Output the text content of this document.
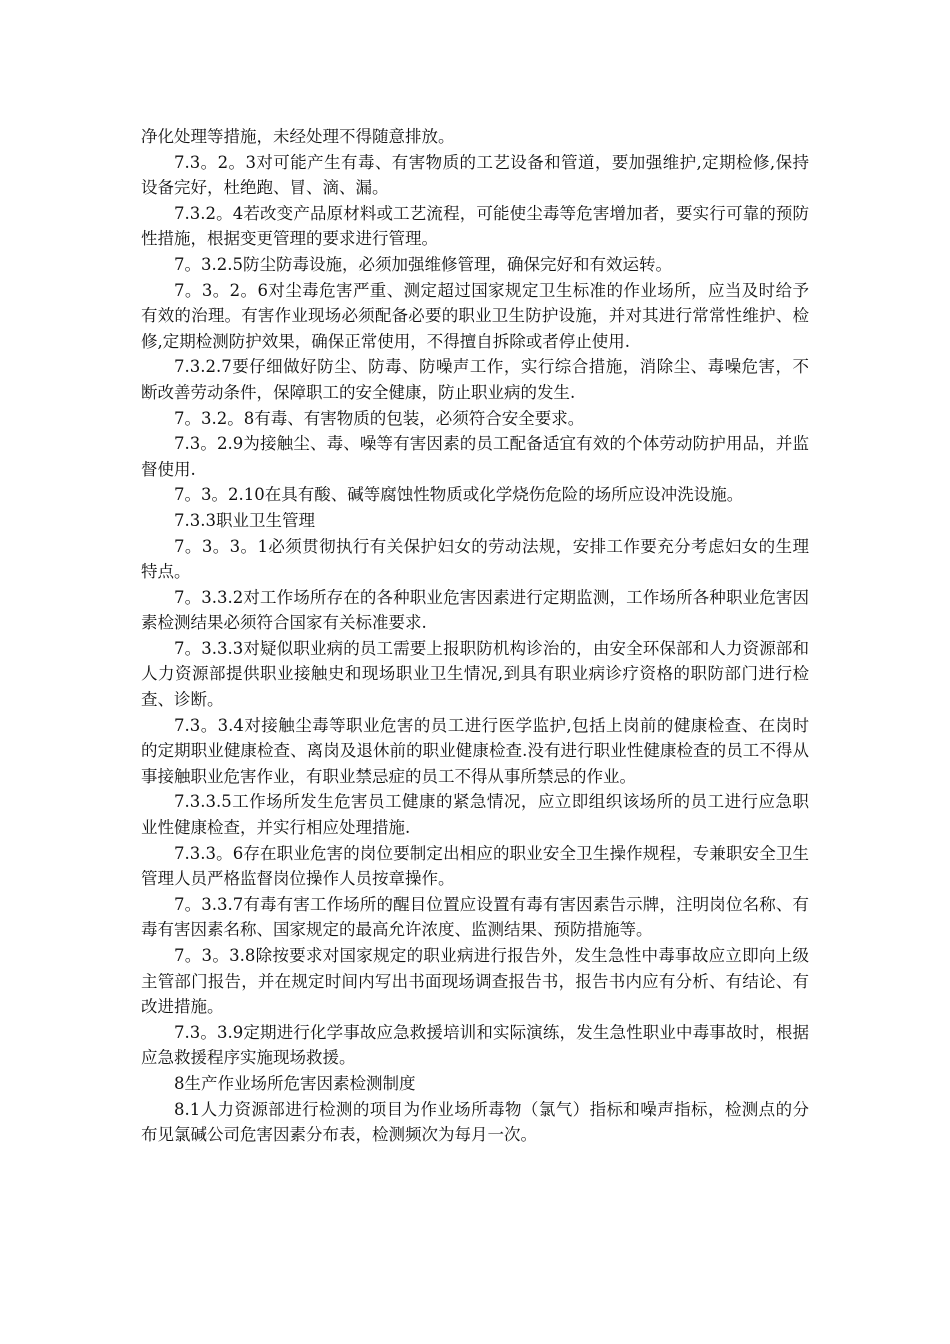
净化处理等措施，未经处理不得随意排放。

7.3。2。3对可能产生有毒、有害物质的工艺设备和管道，要加强维护,定期检修,保持设备完好，杜绝跑、冒、滴、漏。

7.3.2。4若改变产品原材料或工艺流程，可能使尘毒等危害增加者，要实行可靠的预防性措施，根据变更管理的要求进行管理。

7。3.2.5防尘防毒设施，必须加强维修管理，确保完好和有效运转。

7。3。2。6对尘毒危害严重、测定超过国家规定卫生标准的作业场所，应当及时给予有效的治理。有害作业现场必须配备必要的职业卫生防护设施，并对其进行常常性维护、检修,定期检测防护效果，确保正常使用，不得擅自拆除或者停止使用.

7.3.2.7要仔细做好防尘、防毒、防噪声工作，实行综合措施，消除尘、毒噪危害，不断改善劳动条件，保障职工的安全健康，防止职业病的发生.

7。3.2。8有毒、有害物质的包装，必须符合安全要求。

7.3。2.9为接触尘、毒、噪等有害因素的员工配备适宜有效的个体劳动防护用品，并监督使用.

7。3。2.10在具有酸、碱等腐蚀性物质或化学烧伤危险的场所应设冲洗设施。

7.3.3职业卫生管理

7。3。3。1必须贯彻执行有关保护妇女的劳动法规，安排工作要充分考虑妇女的生理特点。

7。3.3.2对工作场所存在的各种职业危害因素进行定期监测，工作场所各种职业危害因素检测结果必须符合国家有关标准要求.

7。3.3.3对疑似职业病的员工需要上报职防机构诊治的，由安全环保部和人力资源部和人力资源部提供职业接触史和现场职业卫生情况,到具有职业病诊疗资格的职防部门进行检查、诊断。

7.3。3.4对接触尘毒等职业危害的员工进行医学监护,包括上岗前的健康检查、在岗时的定期职业健康检查、离岗及退休前的职业健康检查.没有进行职业性健康检查的员工不得从事接触职业危害作业，有职业禁忌症的员工不得从事所禁忌的作业。

7.3.3.5工作场所发生危害员工健康的紧急情况，应立即组织该场所的员工进行应急职业性健康检查，并实行相应处理措施.

7.3.3。6存在职业危害的岗位要制定出相应的职业安全卫生操作规程，专兼职安全卫生管理人员严格监督岗位操作人员按章操作。

7。3.3.7有毒有害工作场所的醒目位置应设置有毒有害因素告示牌，注明岗位名称、有毒有害因素名称、国家规定的最高允许浓度、监测结果、预防措施等。

7。3。3.8除按要求对国家规定的职业病进行报告外，发生急性中毒事故应立即向上级主管部门报告，并在规定时间内写出书面现场调查报告书，报告书内应有分析、有结论、有改进措施。

7.3。3.9定期进行化学事故应急救援培训和实际演练，发生急性职业中毒事故时，根据应急救援程序实施现场救援。

8生产作业场所危害因素检测制度

8.1人力资源部进行检测的项目为作业场所毒物（氯气）指标和噪声指标，检测点的分布见氯碱公司危害因素分布表，检测频次为每月一次。
